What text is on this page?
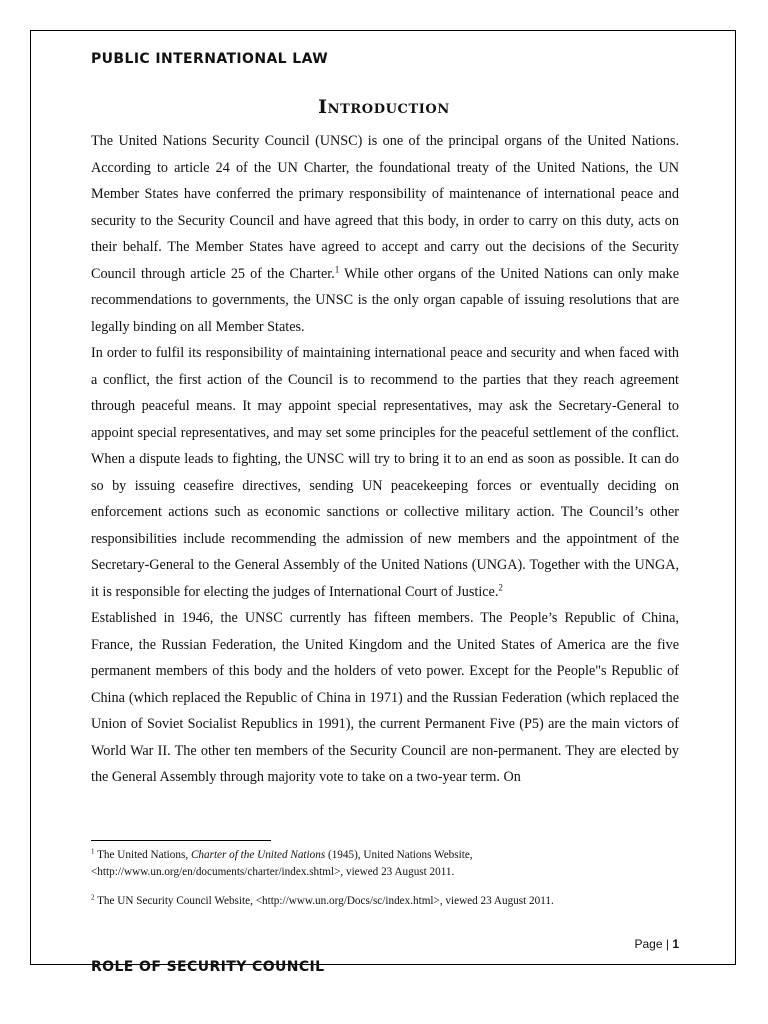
PUBLIC INTERNATIONAL LAW
Introduction

The United Nations Security Council (UNSC) is one of the principal organs of the United Nations. According to article 24 of the UN Charter, the foundational treaty of the United Nations, the UN Member States have conferred the primary responsibility of maintenance of international peace and security to the Security Council and have agreed that this body, in order to carry on this duty, acts on their behalf. The Member States have agreed to accept and carry out the decisions of the Security Council through article 25 of the Charter.$^1$ While other organs of the United Nations can only make recommendations to governments, the UNSC is the only organ capable of issuing resolutions that are legally binding on all Member States.

In order to fulfil its responsibility of maintaining international peace and security and when faced with a conflict, the first action of the Council is to recommend to the parties that they reach agreement through peaceful means. It may appoint special representatives, may ask the Secretary-General to appoint special representatives, and may set some principles for the peaceful settlement of the conflict. When a dispute leads to fighting, the UNSC will try to bring it to an end as soon as possible. It can do so by issuing ceasefire directives, sending UN peacekeeping forces or eventually deciding on enforcement actions such as economic sanctions or collective military action. The Council’s other responsibilities include recommending the admission of new members and the appointment of the Secretary-General to the General Assembly of the United Nations (UNGA). Together with the UNGA, it is responsible for electing the judges of International Court of Justice.$^2$

Established in 1946, the UNSC currently has fifteen members. The People’s Republic of China, France, the Russian Federation, the United Kingdom and the United States of America are the five permanent members of this body and the holders of veto power. Except for the People"s Republic of China (which replaced the Republic of China in 1971) and the Russian Federation (which replaced the Union of Soviet Socialist Republics in 1991), the current Permanent Five (P5) are the main victors of World War II. The other ten members of the Security Council are non-permanent. They are elected by the General Assembly through majority vote to take on a two-year term. On

$^1$ The United Nations, Charter of the United Nations (1945), United Nations Website, <http://www.un.org/en/documents/charter/index.shtml>, viewed 23 August 2011.

$^2$ The UN Security Council Website, <http://www.un.org/Docs/sc/index.html>, viewed 23 August 2011.

Page | 1
ROLE OF SECURITY COUNCIL
